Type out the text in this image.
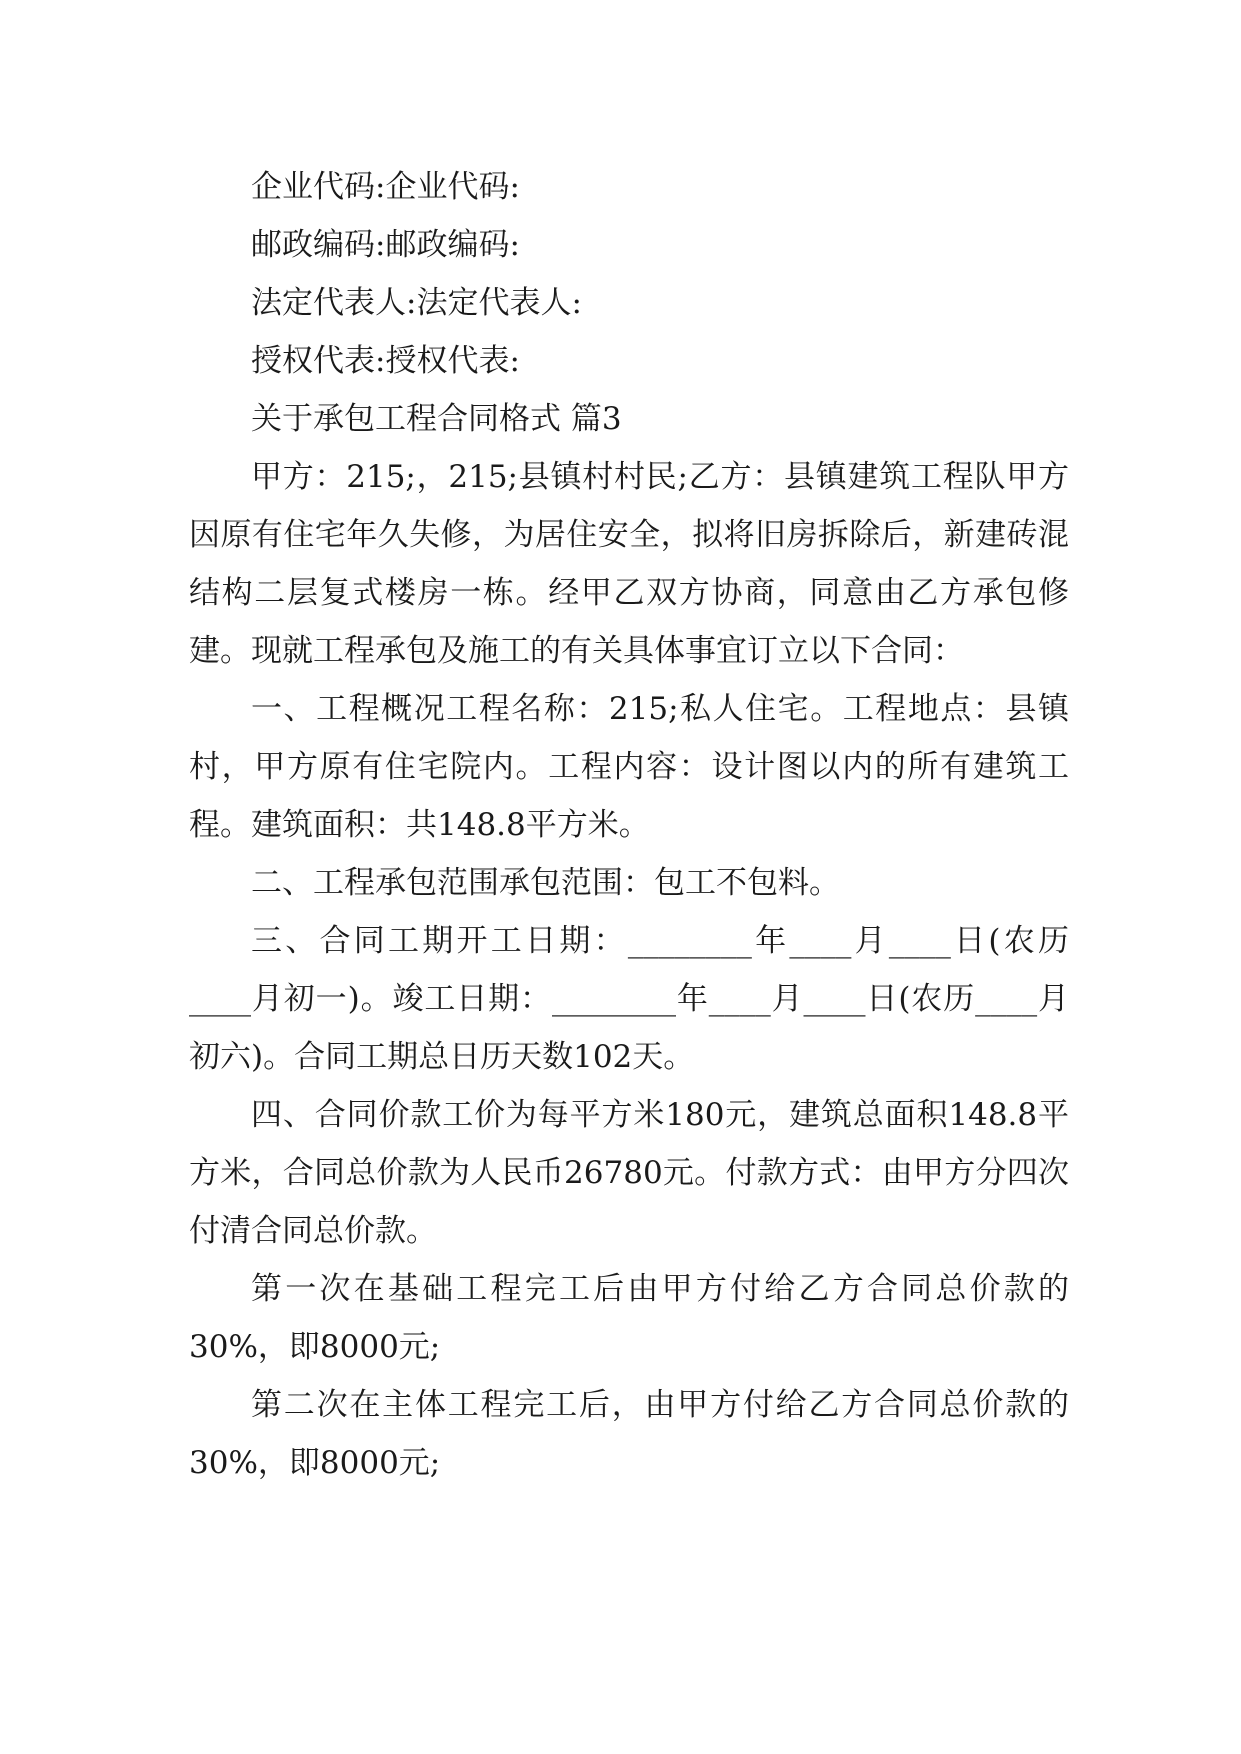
企业代码:企业代码:

邮政编码:邮政编码:

法定代表人:法定代表人:

授权代表:授权代表:

关于承包工程合同格式 篇3

甲方：215;，215;县镇村村民;乙方：县镇建筑工程队甲方因原有住宅年久失修，为居住安全，拟将旧房拆除后，新建砖混结构二层复式楼房一栋。经甲乙双方协商，同意由乙方承包修建。现就工程承包及施工的有关具体事宜订立以下合同：

一、工程概况工程名称：215;私人住宅。工程地点：县镇村，甲方原有住宅院内。工程内容：设计图以内的所有建筑工程。建筑面积：共148.8平方米。

二、工程承包范围承包范围：包工不包料。

三、合同工期开工日期：________年____月____日(农历____月初一)。竣工日期：________年____月____日(农历____月初六)。合同工期总日历天数102天。

四、合同价款工价为每平方米180元，建筑总面积148.8平方米，合同总价款为人民币26780元。付款方式：由甲方分四次付清合同总价款。

第一次在基础工程完工后由甲方付给乙方合同总价款的30%，即8000元;

第二次在主体工程完工后，由甲方付给乙方合同总价款的30%，即8000元;
